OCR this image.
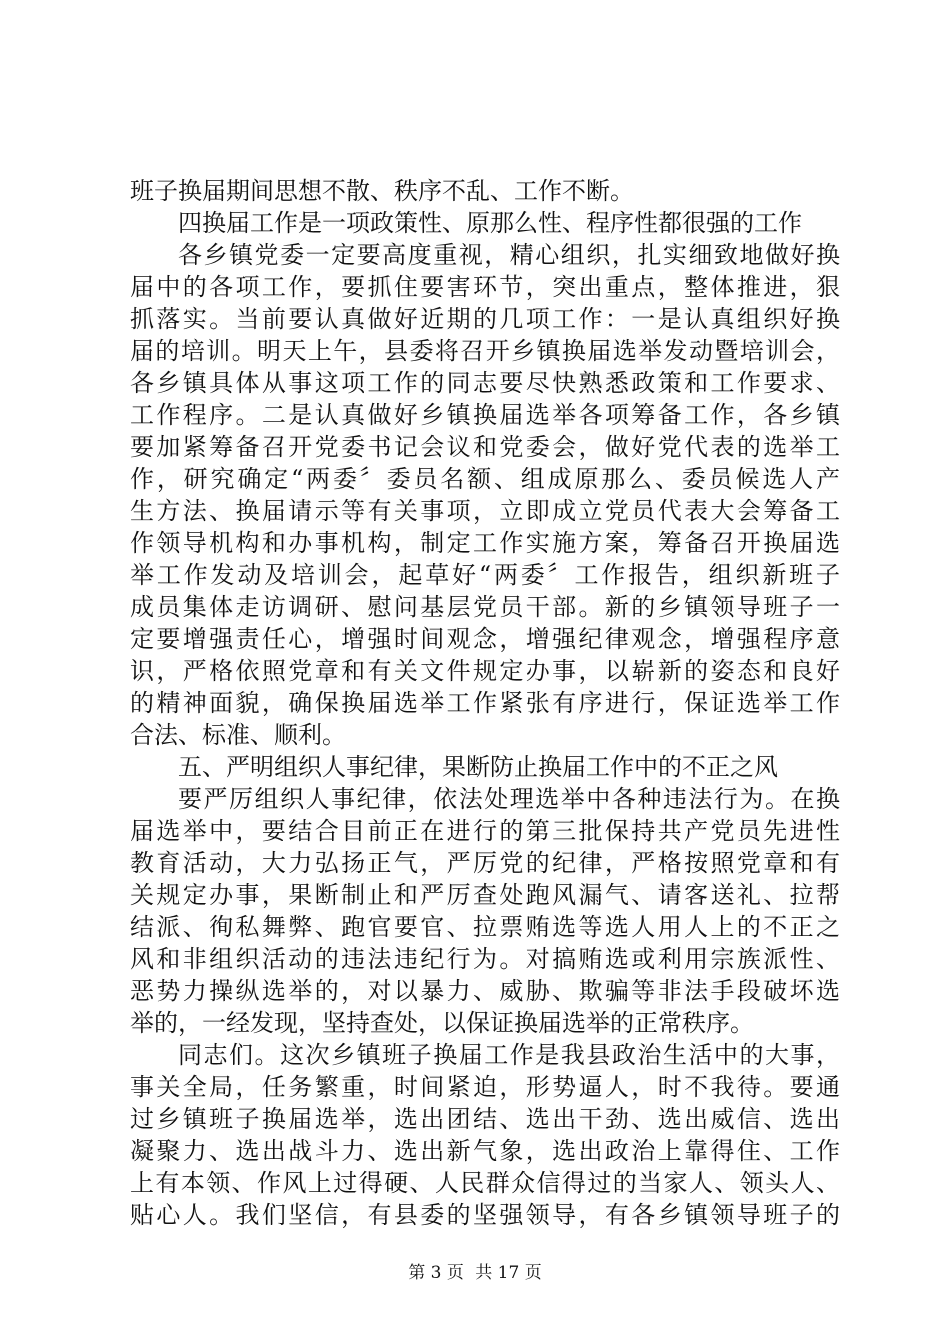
班子换届期间思想不散、秩序不乱、工作不断。
四换届工作是一项政策性、原那么性、程序性都很强的工作
各乡镇党委一定要高度重视，精心组织，扎实细致地做好换
届中的各项工作，要抓住要害环节，突出重点，整体推进，狠
抓落实。当前要认真做好近期的几项工作：一是认真组织好换
届的培训。明天上午，县委将召开乡镇换届选举发动暨培训会，
各乡镇具体从事这项工作的同志要尽快熟悉政策和工作要求、
工作程序。二是认真做好乡镇换届选举各项筹备工作，各乡镇
要加紧筹备召开党委书记会议和党委会，做好党代表的选举工
作，研究确定“两委〞委员名额、组成原那么、委员候选人产
生方法、换届请示等有关事项，立即成立党员代表大会筹备工
作领导机构和办事机构，制定工作实施方案，筹备召开换届选
举工作发动及培训会，起草好“两委〞工作报告，组织新班子
成员集体走访调研、慰问基层党员干部。新的乡镇领导班子一
定要增强责任心，增强时间观念，增强纪律观念，增强程序意
识，严格依照党章和有关文件规定办事，以崭新的姿态和良好
的精神面貌，确保换届选举工作紧张有序进行，保证选举工作
合法、标准、顺利。
五、严明组织人事纪律，果断防止换届工作中的不正之风
要严厉组织人事纪律，依法处理选举中各种违法行为。在换
届选举中，要结合目前正在进行的第三批保持共产党员先进性
教育活动，大力弘扬正气，严厉党的纪律，严格按照党章和有
关规定办事，果断制止和严厉查处跑风漏气、请客送礼、拉帮
结派、徇私舞弊、跑官要官、拉票贿选等选人用人上的不正之
风和非组织活动的违法违纪行为。对搞贿选或利用宗族派性、
恶势力操纵选举的，对以暴力、威胁、欺骗等非法手段破坏选
举的，一经发现，坚持查处，以保证换届选举的正常秩序。
同志们。这次乡镇班子换届工作是我县政治生活中的大事，
事关全局，任务繁重，时间紧迫，形势逼人，时不我待。要通
过乡镇班子换届选举，选出团结、选出干劲、选出威信、选出
凝聚力、选出战斗力、选出新气象，选出政治上靠得住、工作
上有本领、作风上过得硬、人民群众信得过的当家人、领头人、
贴心人。我们坚信，有县委的坚强领导，有各乡镇领导班子的
第 3 页 共 17 页
